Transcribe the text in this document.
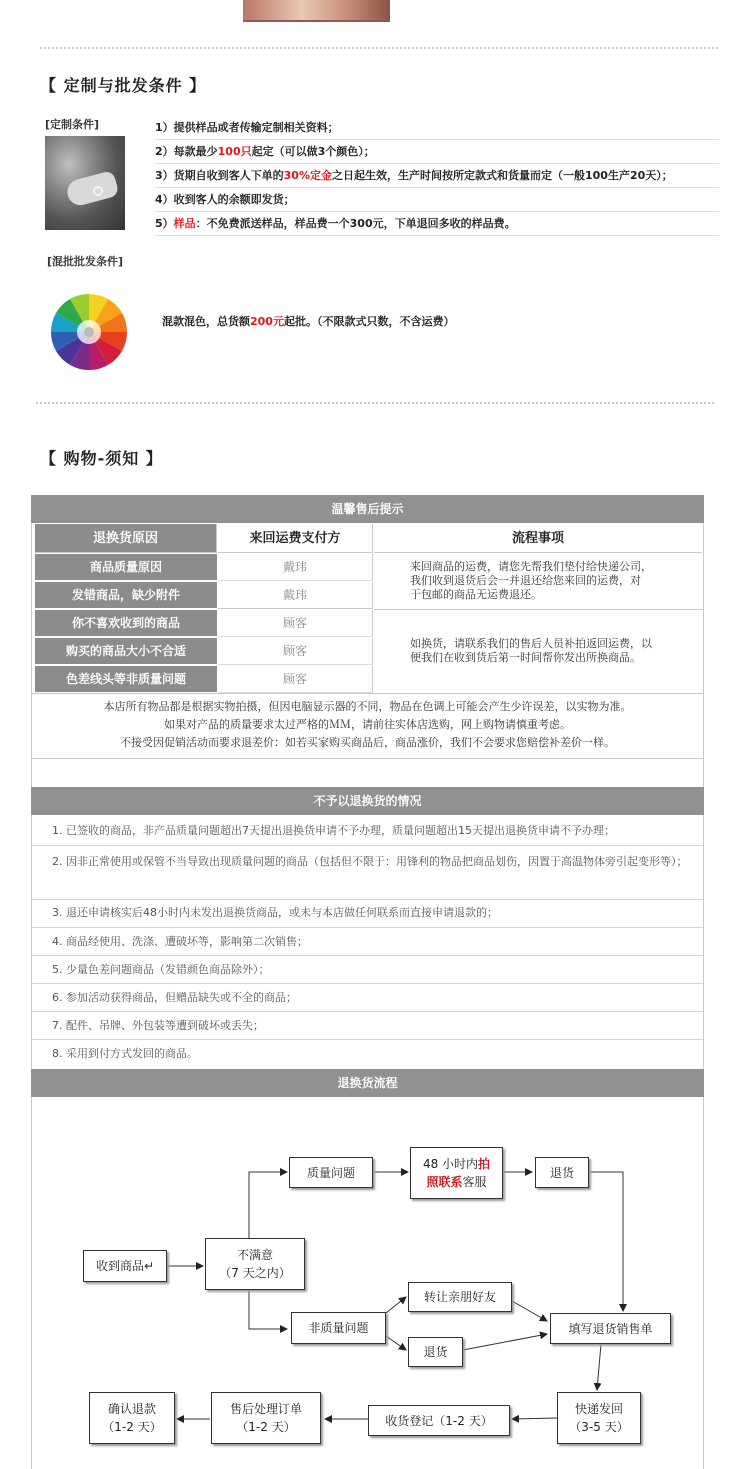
【 定制与批发条件 】
[定制条件]	1）提供样品或者传输定制相关资料；
2）每款最少100只起定（可以做3个颜色）；
3）货期自收到客人下单的30%定金之日起生效，生产时间按所定款式和货量而定（一般100生产20天）；
4）收到客人的余额即发货；
5）样品：不免费派送样品，样品费一个300元，下单退回多收的样品费。
[混批批发条件]
混款混色，总货额200元起批。（不限款式只数，不含运费）
【 购物-须知 】
温馨售后提示
退换货原因	来回运费支付方	流程事项
商品质量原因	戴玮
发错商品，缺少附件	戴玮
你不喜欢收到的商品	顾客
购买的商品大小不合适	顾客
色差线头等非质量问题	顾客
来回商品的运费，请您先帮我们垫付给快递公司，
我们收到退货后会一并退还给您来回的运费，对
于包邮的商品无运费退还。
如换货，请联系我们的售后人员补拍返回运费，以
便我们在收到货后第一时间帮你发出所换商品。
本店所有物品都是根据实物拍摄，但因电脑显示器的不同，物品在色调上可能会产生少许误差，以实物为准。
如果对产品的质量要求太过严格的ＭＭ，请前往实体店选购，网上购物请慎重考虑。
不接受因促销活动而要求退差价：如若买家购买商品后，商品涨价，我们不会要求您赔偿补差价一样。
不予以退换货的情况
1. 已签收的商品，非产品质量问题超出7天提出退换货申请不予办理，质量问题超出15天提出退换货申请不予办理；
2. 因非正常使用或保管不当导致出现质量问题的商品（包括但不限于：用锋利的物品把商品划伤，因置于高温物体旁引起变形等）；
3. 退还申请核实后48小时内未发出退换货商品，或未与本店做任何联系而直接申请退款的；
4. 商品经使用、洗涤、遭破坏等，影响第二次销售；
5. 少量色差问题商品（发错颜色商品除外）；
6. 参加活动获得商品，但赠品缺失或不全的商品；
7. 配件、吊牌、外包装等遭到破坏或丢失；
8. 采用到付方式发回的商品。
退换货流程
收到商品↵
不满意
（7 天之内）
质量问题
48 小时内拍
照联系客服
退货
非质量问题
转让亲朋好友
退货
填写退货销售单
快递发回
（3-5 天）
收货登记（1-2 天）
售后处理订单
（1-2 天）
确认退款
（1-2 天）
